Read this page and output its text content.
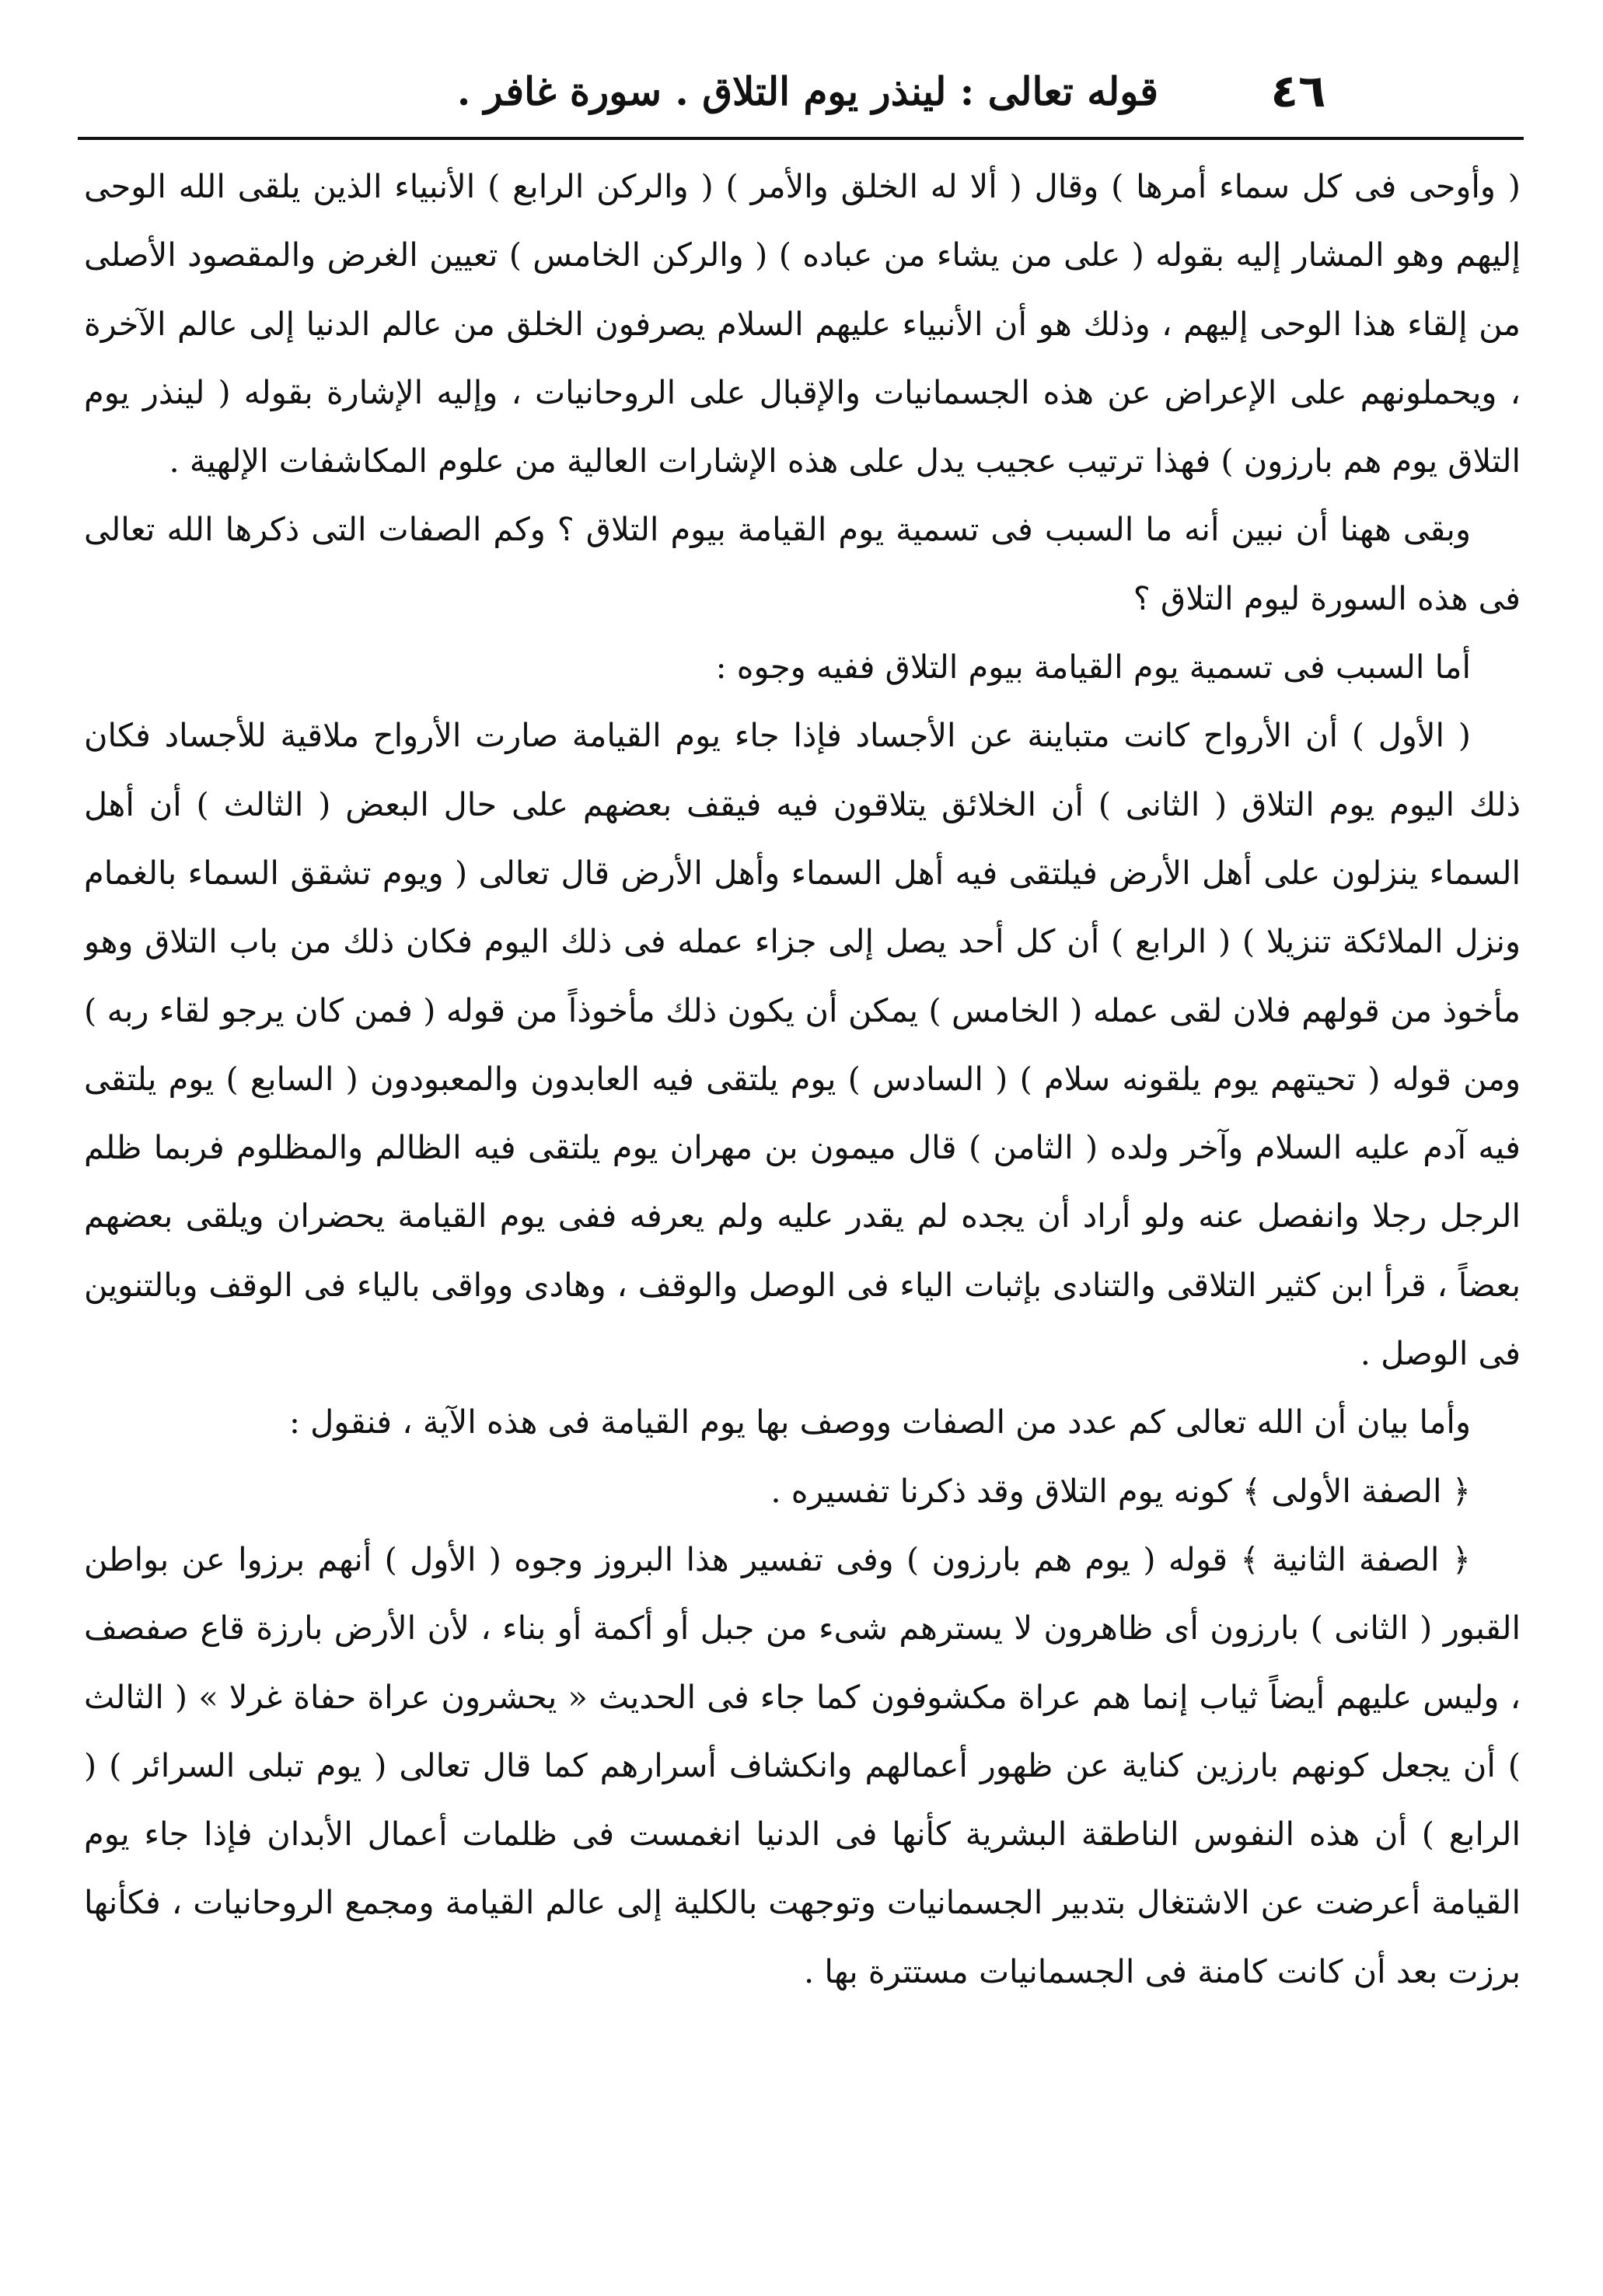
٤٦
قوله تعالى : لينذر يوم التلاق . سورة غافر .

( وأوحى فى كل سماء أمرها ) وقال ( ألا له الخلق والأمر ) ( والركن الرابع ) الأنبياء الذين يلقى الله الوحى إليهم وهو المشار إليه بقوله ( على من يشاء من عباده ) ( والركن الخامس ) تعيين الغرض والمقصود الأصلى من إلقاء هذا الوحى إليهم ، وذلك هو أن الأنبياء عليهم السلام يصرفون الخلق من عالم الدنيا إلى عالم الآخرة ، ويحملونهم على الإعراض عن هذه الجسمانيات والإقبال على الروحانيات ، وإليه الإشارة بقوله ( لينذر يوم التلاق يوم هم بارزون ) فهذا ترتيب عجيب يدل على هذه الإشارات العالية من علوم المكاشفات الإلهية .

وبقى ههنا أن نبين أنه ما السبب فى تسمية يوم القيامة بيوم التلاق ؟ وكم الصفات التى ذكرها الله تعالى فى هذه السورة ليوم التلاق ؟

أما السبب فى تسمية يوم القيامة بيوم التلاق ففيه وجوه :

( الأول ) أن الأرواح كانت متباينة عن الأجساد فإذا جاء يوم القيامة صارت الأرواح ملاقية للأجساد فكان ذلك اليوم يوم التلاق ( الثانى ) أن الخلائق يتلاقون فيه فيقف بعضهم على حال البعض ( الثالث ) أن أهل السماء ينزلون على أهل الأرض فيلتقى فيه أهل السماء وأهل الأرض قال تعالى ( ويوم تشقق السماء بالغمام ونزل الملائكة تنزيلا ) ( الرابع ) أن كل أحد يصل إلى جزاء عمله فى ذلك اليوم فكان ذلك من باب التلاق وهو مأخوذ من قولهم فلان لقى عمله ( الخامس ) يمكن أن يكون ذلك مأخوذاً من قوله ( فمن كان يرجو لقاء ربه ) ومن قوله ( تحيتهم يوم يلقونه سلام ) ( السادس ) يوم يلتقى فيه العابدون والمعبودون ( السابع ) يوم يلتقى فيه آدم عليه السلام وآخر ولده ( الثامن ) قال ميمون بن مهران يوم يلتقى فيه الظالم والمظلوم فربما ظلم الرجل رجلا وانفصل عنه ولو أراد أن يجده لم يقدر عليه ولم يعرفه ففى يوم القيامة يحضران ويلقى بعضهم بعضاً ، قرأ ابن كثير التلاقى والتنادى بإثبات الياء فى الوصل والوقف ، وهادى وواقى بالياء فى الوقف وبالتنوين فى الوصل .

وأما بيان أن الله تعالى كم عدد من الصفات ووصف بها يوم القيامة فى هذه الآية ، فنقول :

﴿ الصفة الأولى ﴾ كونه يوم التلاق وقد ذكرنا تفسيره .

﴿ الصفة الثانية ﴾ قوله ( يوم هم بارزون ) وفى تفسير هذا البروز وجوه ( الأول ) أنهم برزوا عن بواطن القبور ( الثانى ) بارزون أى ظاهرون لا يسترهم شىء من جبل أو أكمة أو بناء ، لأن الأرض بارزة قاع صفصف ، وليس عليهم أيضاً ثياب إنما هم عراة مكشوفون كما جاء فى الحديث « يحشرون عراة حفاة غرلا » ( الثالث ) أن يجعل كونهم بارزين كناية عن ظهور أعمالهم وانكشاف أسرارهم كما قال تعالى ( يوم تبلى السرائر ) ( الرابع ) أن هذه النفوس الناطقة البشرية كأنها فى الدنيا انغمست فى ظلمات أعمال الأبدان فإذا جاء يوم القيامة أعرضت عن الاشتغال بتدبير الجسمانيات وتوجهت بالكلية إلى عالم القيامة ومجمع الروحانيات ، فكأنها برزت بعد أن كانت كامنة فى الجسمانيات مستترة بها .
